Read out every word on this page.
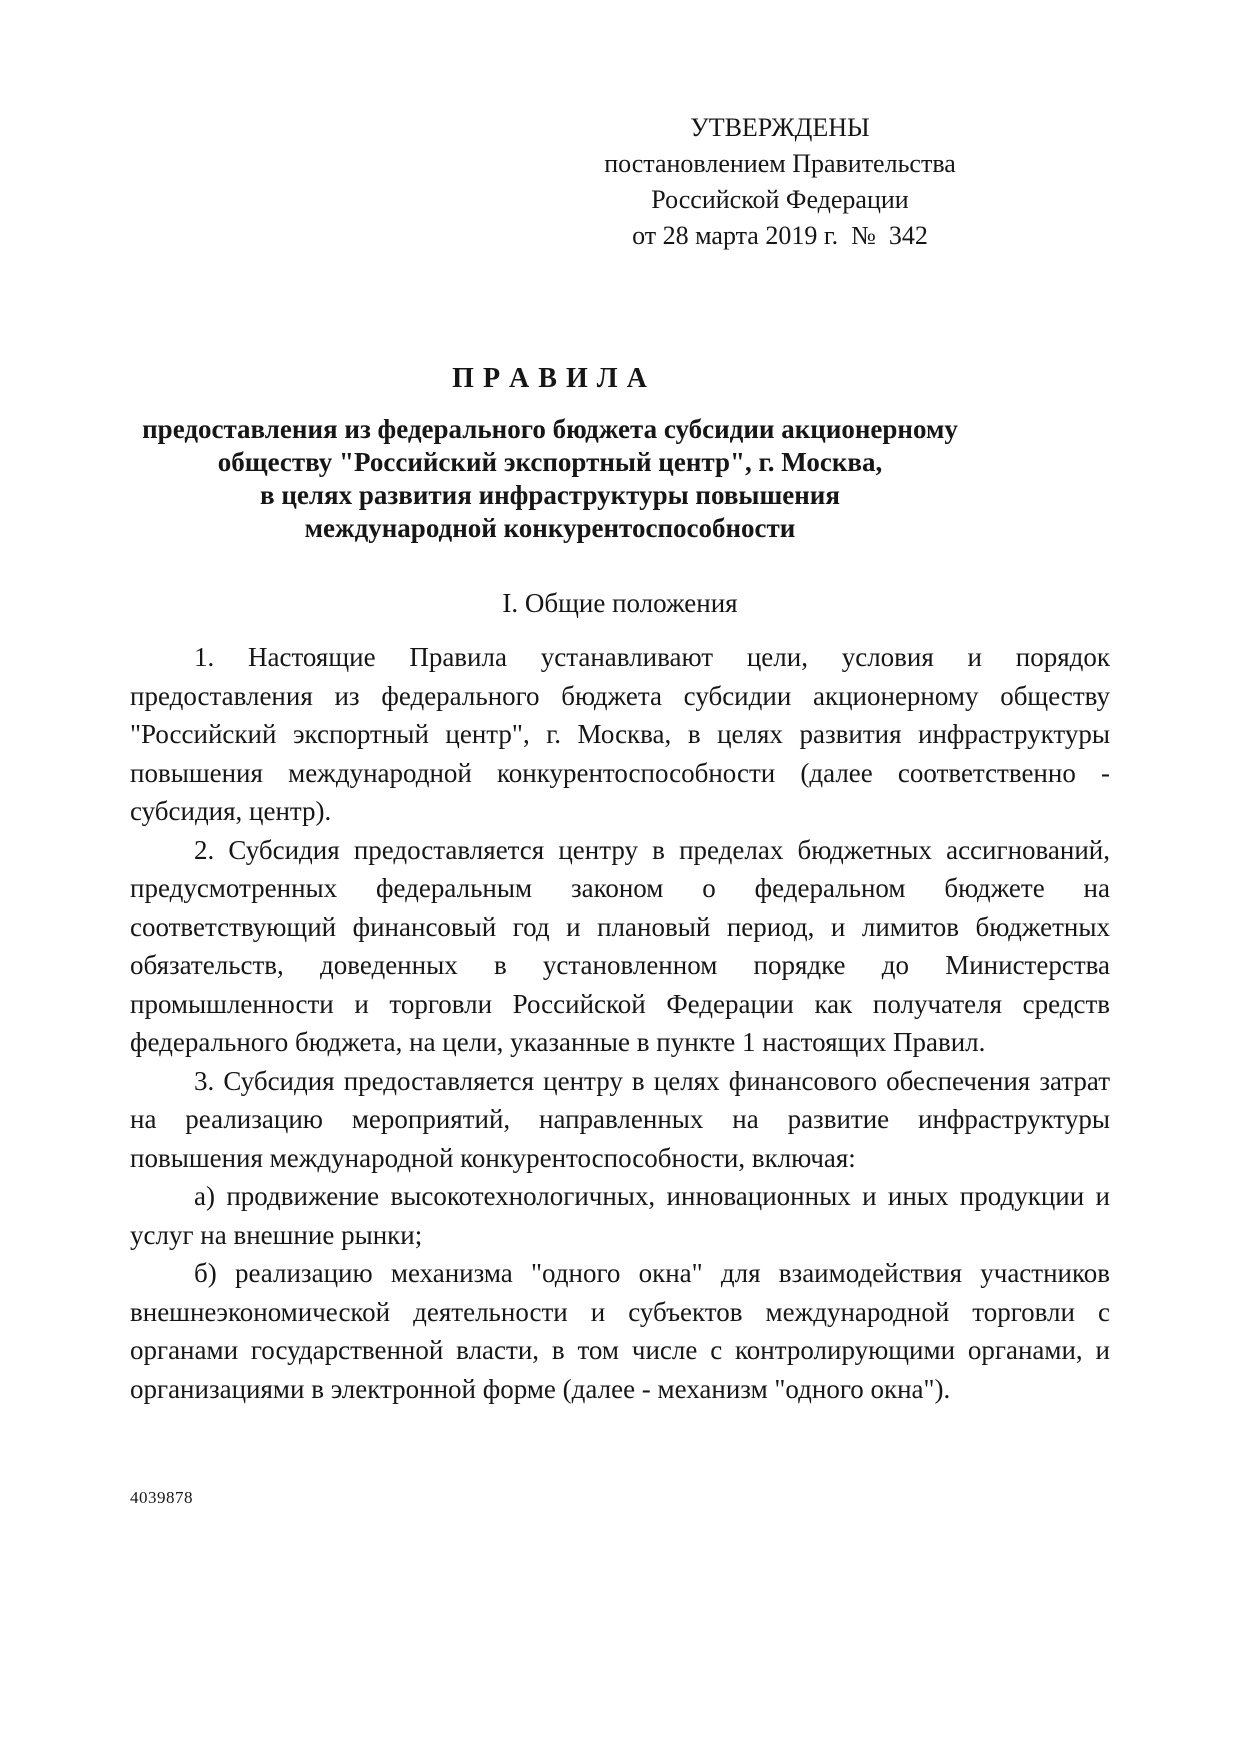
УТВЕРЖДЕНЫ
постановлением Правительства
Российской Федерации
от 28 марта 2019 г.  №  342
П Р А В И Л А
предоставления из федерального бюджета субсидии акционерному
обществу "Российский экспортный центр", г. Москва,
в целях развития инфраструктуры повышения
международной конкурентоспособности
I. Общие положения

1. Настоящие Правила устанавливают цели, условия и порядок предоставления из федерального бюджета субсидии акционерному обществу "Российский экспортный центр", г. Москва, в целях развития инфраструктуры повышения международной конкурентоспособности (далее соответственно - субсидия, центр).

2. Субсидия предоставляется центру в пределах бюджетных ассигнований, предусмотренных федеральным законом о федеральном бюджете на соответствующий финансовый год и плановый период, и лимитов бюджетных обязательств, доведенных в установленном порядке до Министерства промышленности и торговли Российской Федерации как получателя средств федерального бюджета, на цели, указанные в пункте 1 настоящих Правил.

3. Субсидия предоставляется центру в целях финансового обеспечения затрат на реализацию мероприятий, направленных на развитие инфраструктуры повышения международной конкурентоспособности, включая:

а) продвижение высокотехнологичных, инновационных и иных продукции и услуг на внешние рынки;

б) реализацию механизма "одного окна" для взаимодействия участников внешнеэкономической деятельности и субъектов международной торговли с органами государственной власти, в том числе с контролирующими органами, и организациями в электронной форме (далее - механизм "одного окна").

4039878
